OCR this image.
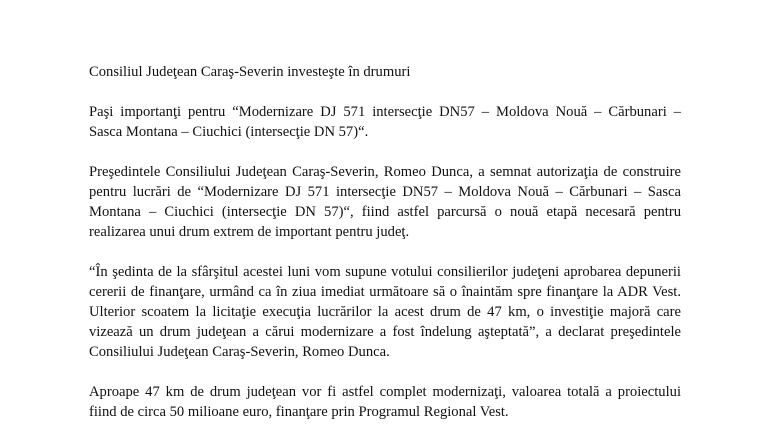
Consiliul Judeţean Caraş-Severin investeşte în drumuri

Paşi importanţi pentru “Modernizare DJ 571 intersecţie DN57 – Moldova Nouă – Cărbunari –
Sasca Montana – Ciuchici (intersecţie DN 57)“.

Preşedintele Consiliului Judeţean Caraş-Severin, Romeo Dunca, a semnat autorizaţia de construire
pentru lucrări de “Modernizare DJ 571 intersecţie DN57 – Moldova Nouă – Cărbunari – Sasca
Montana – Ciuchici (intersecţie DN 57)“, fiind astfel parcursă o nouă etapă necesară pentru
realizarea unui drum extrem de important pentru judeţ.

“În şedinta de la sfârşitul acestei luni vom supune votului consilierilor judeţeni aprobarea depunerii
cererii de finanţare, urmând ca în ziua imediat următoare să o înaintăm spre finanţare la ADR Vest.
Ulterior scoatem la licitaţie execuţia lucrărilor la acest drum de 47 km, o investiţie majoră care
vizează un drum judeţean a cărui modernizare a fost îndelung aşteptată”, a declarat preşedintele
Consiliului Judeţean Caraş-Severin, Romeo Dunca.

Aproape 47 km de drum judeţean vor fi astfel complet modernizaţi, valoarea totală a proiectului
fiind de circa 50 milioane euro, finanţare prin Programul Regional Vest.
